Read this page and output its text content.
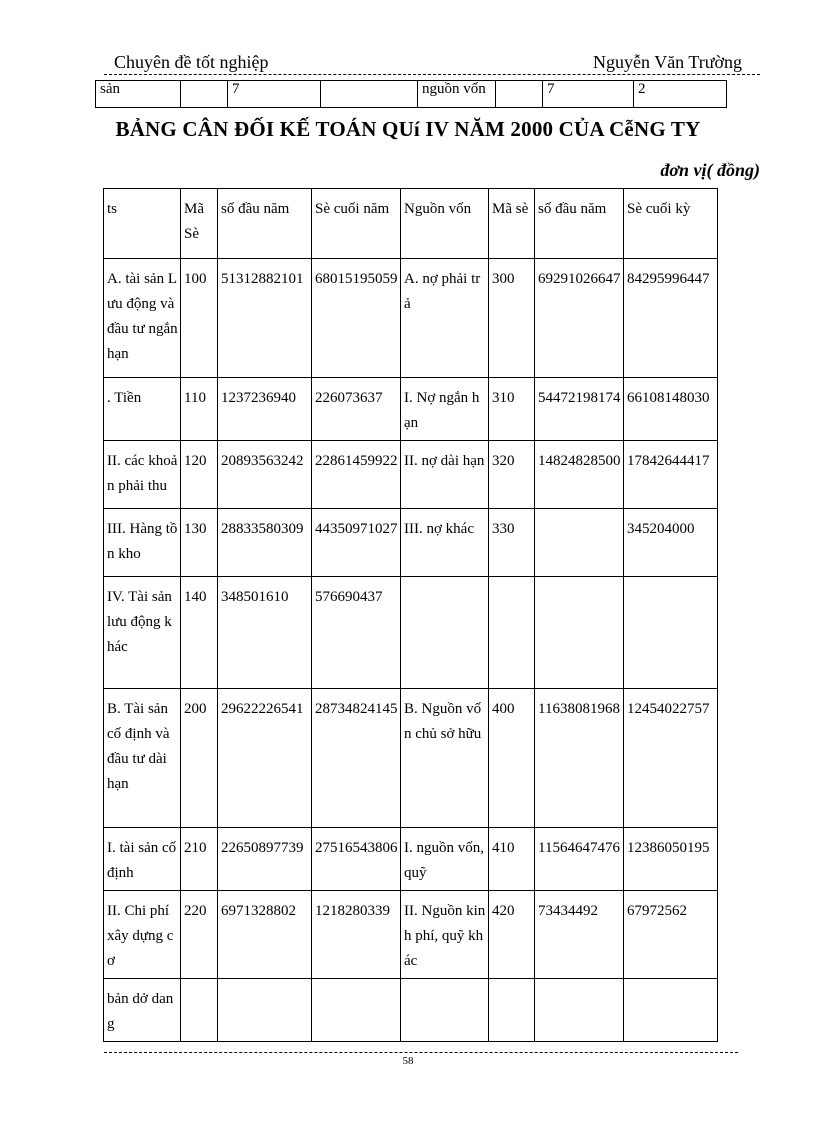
Chuyên đề tốt nghiệp	Nguyễn Văn Trường
sản		7		nguồn vốn		7	2
BẢNG CÂN ĐỐI KẾ TOÁN QUí IV NĂM 2000 CỦA CễNG TY
đơn vị( đồng)
ts	Mã Sè	số đầu năm	Sè cuối năm	Nguồn vốn	Mã sè	số đầu năm	Sè cuối kỳ
A. tài sản Lưu động và đầu tư ngắn hạn	100	51312882101	68015195059	A. nợ phải trả	300	69291026647	84295996447
. Tiền	110	1237236940	226073637	I. Nợ ngắn hạn	310	54472198174	66108148030
II. các khoản phải thu	120	20893563242	22861459922	II. nợ dài hạn	320	14824828500	17842644417
III. Hàng tồn kho	130	28833580309	44350971027	III. nợ khác	330		345204000
IV. Tài sản lưu động khác	140	348501610	576690437				
B. Tài sản cố định và đầu tư dài hạn	200	29622226541	28734824145	B. Nguồn vốn chủ sở hữu	400	11638081968	12454022757
I. tài sản cố định	210	22650897739	27516543806	I. nguồn vốn, quỹ	410	11564647476	12386050195
II. Chi phí xây dựng cơ	220	6971328802	1218280339	II. Nguồn kinh phí, quỹ khác	420	73434492	67972562
bản dở dang							
58
